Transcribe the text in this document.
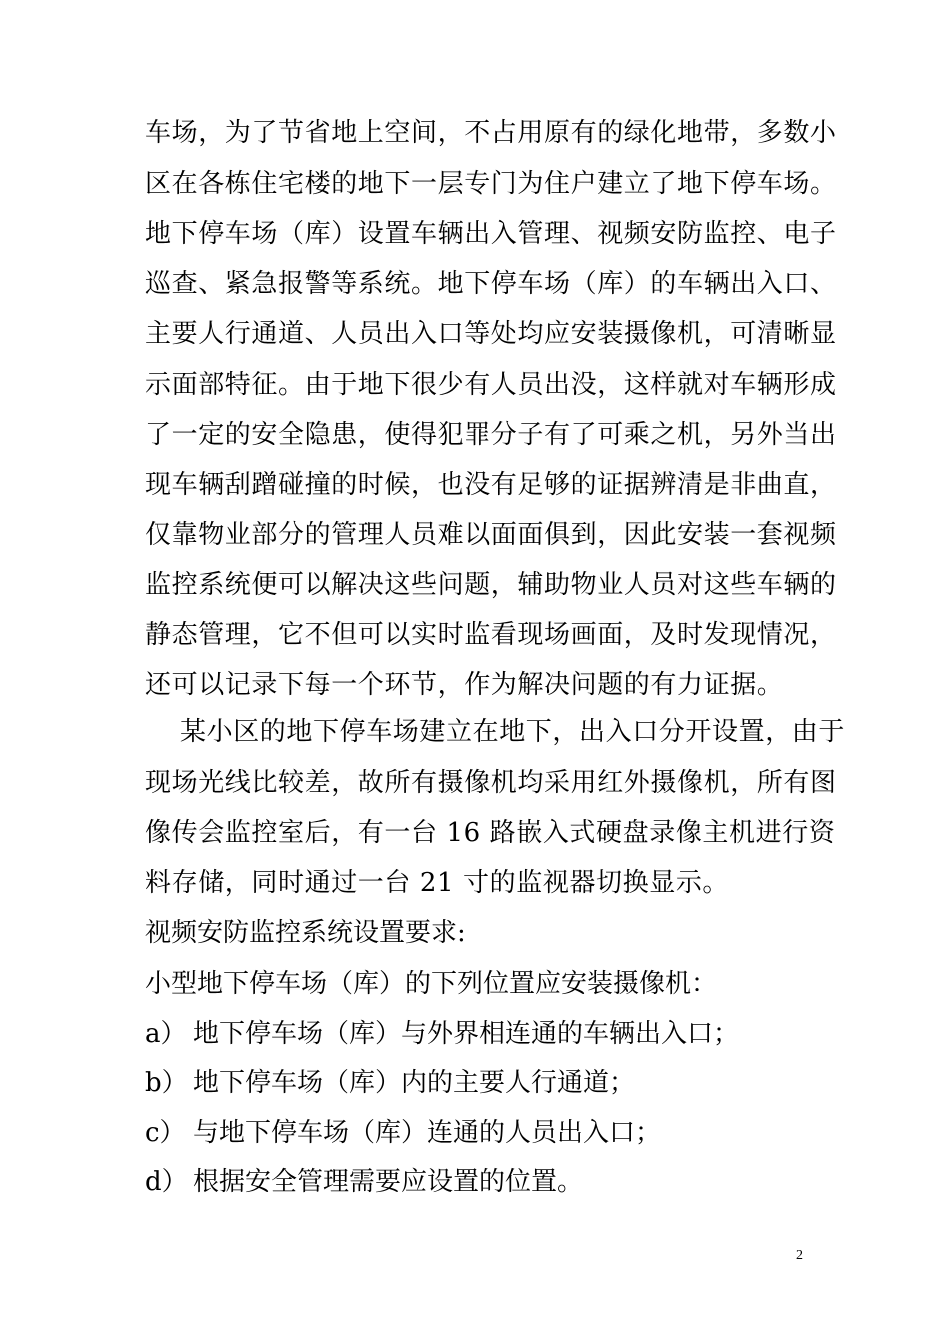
车场，为了节省地上空间，不占用原有的绿化地带，多数小
区在各栋住宅楼的地下一层专门为住户建立了地下停车场。
地下停车场（库）设置车辆出入管理、视频安防监控、电子
巡查、紧急报警等系统。地下停车场（库）的车辆出入口、
主要人行通道、人员出入口等处均应安装摄像机，可清晰显
示面部特征。由于地下很少有人员出没，这样就对车辆形成
了一定的安全隐患，使得犯罪分子有了可乘之机，另外当出
现车辆刮蹭碰撞的时候，也没有足够的证据辨清是非曲直，
仅靠物业部分的管理人员难以面面俱到，因此安装一套视频
监控系统便可以解决这些问题，辅助物业人员对这些车辆的
静态管理，它不但可以实时监看现场画面，及时发现情况，
还可以记录下每一个环节，作为解决问题的有力证据。
某小区的地下停车场建立在地下，出入口分开设置，由于
现场光线比较差，故所有摄像机均采用红外摄像机，所有图
像传会监控室后，有一台 16 路嵌入式硬盘录像主机进行资
料存储，同时通过一台 21 寸的监视器切换显示。
视频安防监控系统设置要求:
小型地下停车场（库）的下列位置应安装摄像机：
a） 地下停车场（库）与外界相连通的车辆出入口；
b） 地下停车场（库）内的主要人行通道；
c） 与地下停车场（库）连通的人员出入口；
d） 根据安全管理需要应设置的位置。
2
